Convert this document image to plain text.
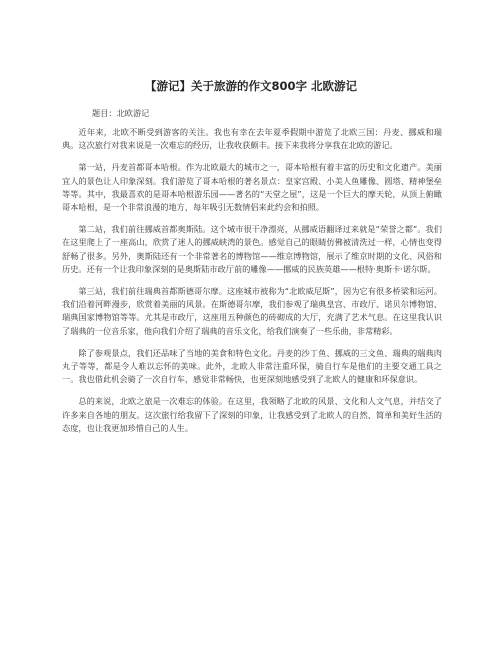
【游记】关于旅游的作文800字 北欧游记
题目：北欧游记

近年来，北欧不断受到游客的关注。我也有幸在去年夏季假期中游览了北欧三国：丹麦、挪威和瑞典。这次旅行对我来说是一次难忘的经历，让我收获颇丰。接下来我将分享我在北欧的游记。

第一站，丹麦首都哥本哈根。作为北欧最大的城市之一，哥本哈根有着丰富的历史和文化遗产。美丽宜人的景色让人印象深刻。我们游览了哥本哈根的著名景点：皇家宫殿、小美人鱼雕像、圆塔、精神堡垒等等。其中，我最喜欢的是哥本哈根游乐园——著名的“天堂之屋”，这是一个巨大的摩天轮，从顶上俯瞰哥本哈根，是一个非常浪漫的地方，每年吸引无数情侣来此约会和拍照。

第二站，我们前往挪威首都奥斯陆。这个城市很干净漂亮，从挪威语翻译过来就是“荣誉之都”。我们在这里爬上了一座高山，欣赏了迷人的挪威峡湾的景色。感觉自己的眼睛仿佛被清洗过一样，心情也变得舒畅了很多。另外，奥斯陆还有一个非常著名的博物馆——维京博物馆，展示了维京时期的文化、风俗和历史。还有一个让我印象深刻的是奥斯陆市政厅前的雕像——挪威的民族英雄——根特·奥斯卡·诺尔斯。

第三站，我们前往瑞典首都斯德哥尔摩。这座城市被称为“北欧威尼斯”，因为它有很多桥梁和运河。我们沿着河畔漫步，欣赏着美丽的风景。在斯德哥尔摩，我们参观了瑞典皇宫、市政厅、诺贝尔博物馆、瑞典国家博物馆等等。尤其是市政厅，这座用五种颜色的砖砌成的大厅，充满了艺术气息。在这里我认识了瑞典的一位音乐家，他向我们介绍了瑞典的音乐文化，给我们演奏了一些乐曲，非常精彩。

除了参观景点，我们还品味了当地的美食和特色文化。丹麦的沙丁鱼、挪威的三文鱼、瑞典的瑞典肉丸子等等，都是令人难以忘怀的美味。此外，北欧人非常注重环保，骑自行车是他们的主要交通工具之一。我也借此机会骑了一次自行车，感觉非常畅快，也更深刻地感受到了北欧人的健康和环保意识。

总的来说，北欧之旅是一次难忘的体验。在这里，我领略了北欧的风景、文化和人文气息，并结交了许多来自各地的朋友。这次旅行给我留下了深刻的印象，让我感受到了北欧人的自然、简单和美好生活的态度，也让我更加珍惜自己的人生。
